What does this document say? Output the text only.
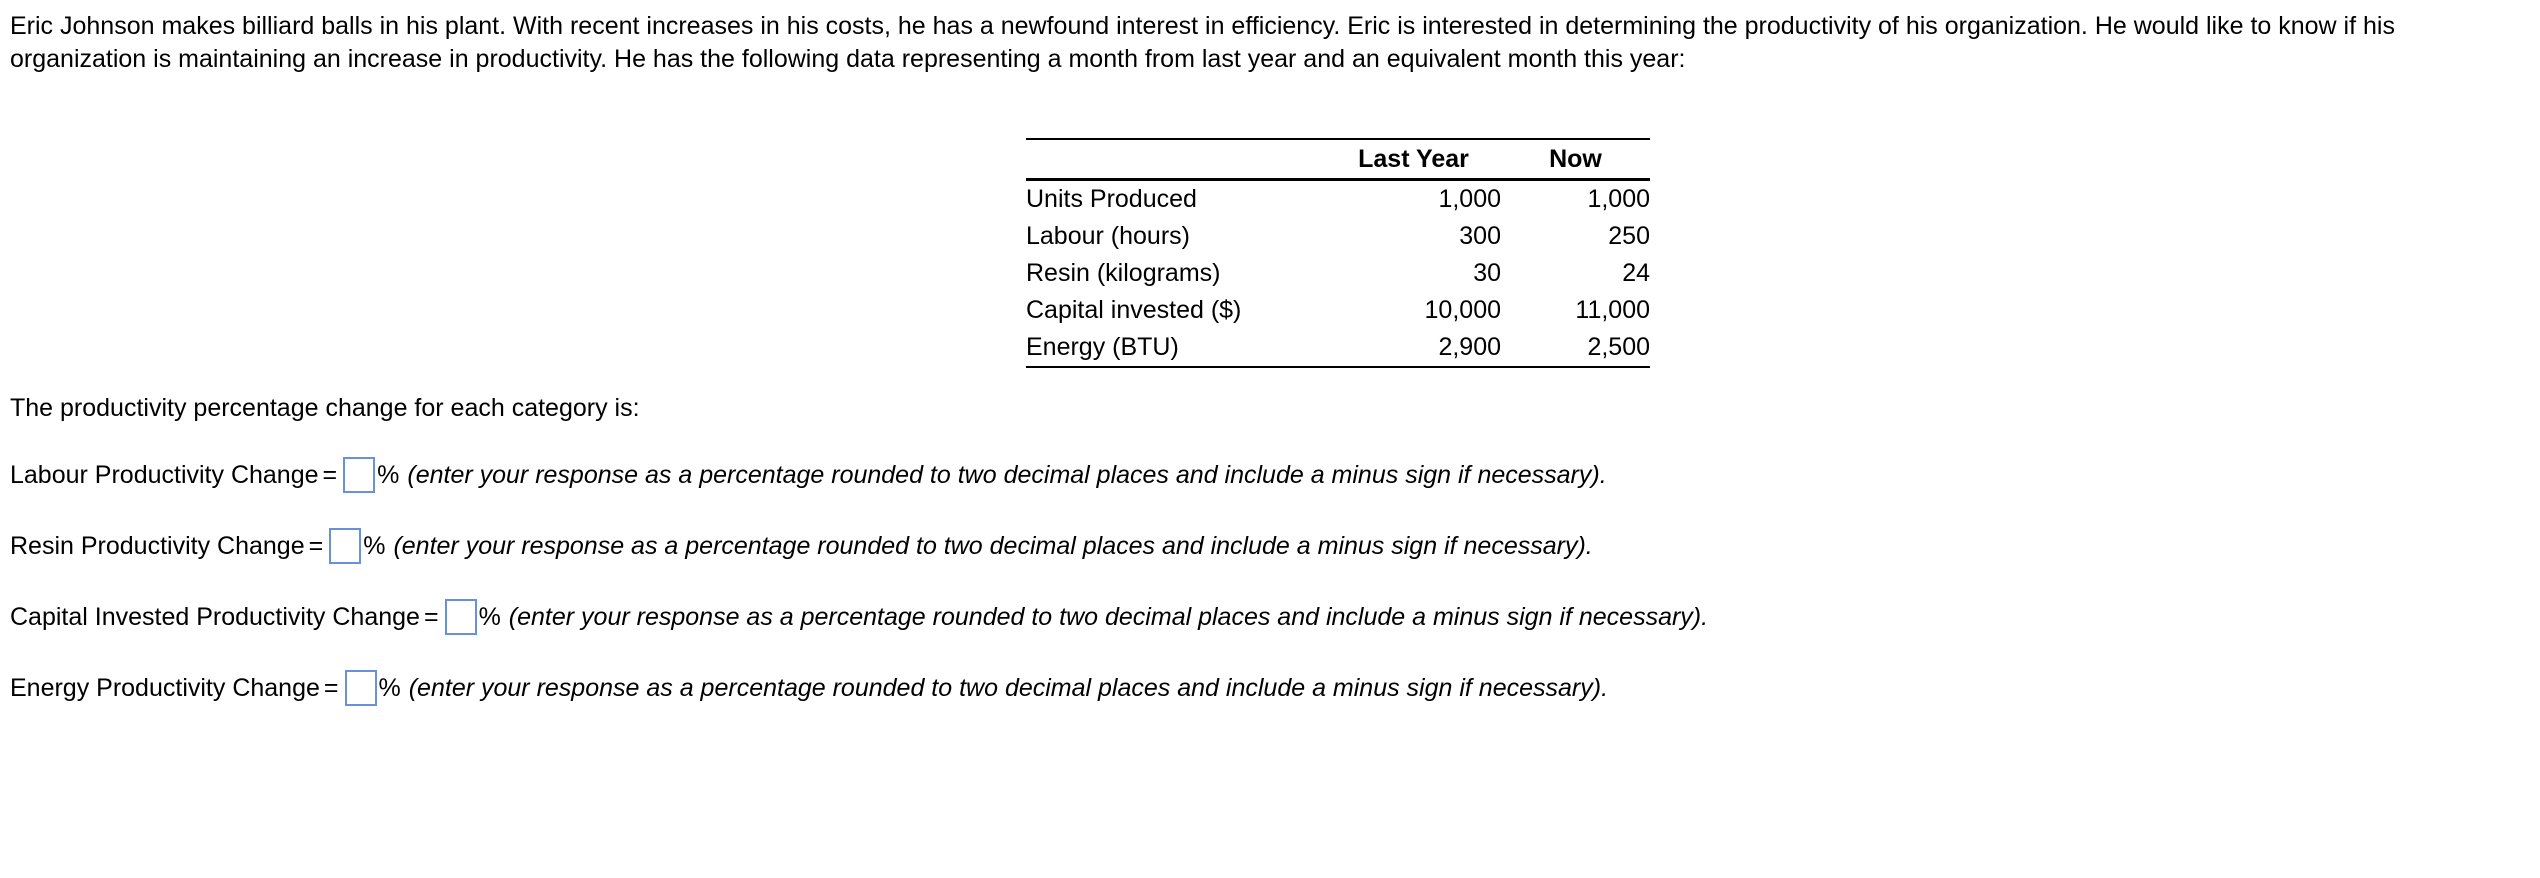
Eric Johnson makes billiard balls in his plant. With recent increases in his costs, he has a newfound interest in efficiency. Eric is interested in determining the productivity of his organization. He would like to know if his organization is maintaining an increase in productivity. He has the following data representing a month from last year and an equivalent month this year:

	Last Year	Now
Units Produced	1,000	1,000
Labour (hours)	300	250
Resin (kilograms)	30	24
Capital invested ($)	10,000	11,000
Energy (BTU)	2,900	2,500

The productivity percentage change for each category is:

Labour Productivity Change = % (enter your response as a percentage rounded to two decimal places and include a minus sign if necessary).
Resin Productivity Change = % (enter your response as a percentage rounded to two decimal places and include a minus sign if necessary).
Capital Invested Productivity Change = % (enter your response as a percentage rounded to two decimal places and include a minus sign if necessary).
Energy Productivity Change = % (enter your response as a percentage rounded to two decimal places and include a minus sign if necessary).
